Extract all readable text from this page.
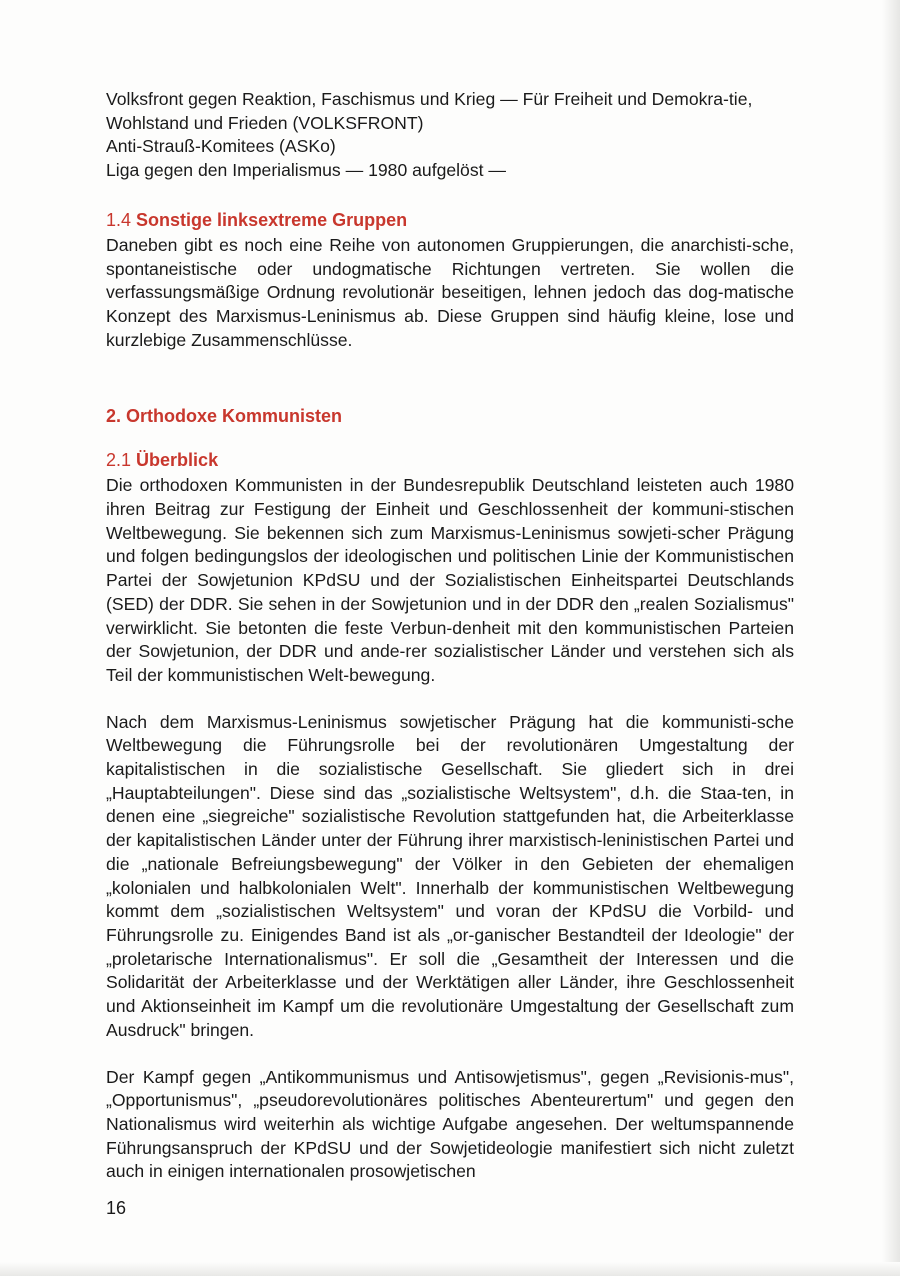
Volksfront gegen Reaktion, Faschismus und Krieg — Für Freiheit und Demokra-tie, Wohlstand und Frieden (VOLKSFRONT)

Anti-Strauß-Komitees (ASKo)

Liga gegen den Imperialismus — 1980 aufgelöst —

1.4 Sonstige linksextreme Gruppen

Daneben gibt es noch eine Reihe von autonomen Gruppierungen, die anarchisti-sche, spontaneistische oder undogmatische Richtungen vertreten. Sie wollen die verfassungsmäßige Ordnung revolutionär beseitigen, lehnen jedoch das dog-matische Konzept des Marxismus-Leninismus ab. Diese Gruppen sind häufig kleine, lose und kurzlebige Zusammenschlüsse.

2. Orthodoxe Kommunisten
2.1 Überblick

Die orthodoxen Kommunisten in der Bundesrepublik Deutschland leisteten auch 1980 ihren Beitrag zur Festigung der Einheit und Geschlossenheit der kommuni-stischen Weltbewegung. Sie bekennen sich zum Marxismus-Leninismus sowjeti-scher Prägung und folgen bedingungslos der ideologischen und politischen Linie der Kommunistischen Partei der Sowjetunion KPdSU und der Sozialistischen Einheitspartei Deutschlands (SED) der DDR. Sie sehen in der Sowjetunion und in der DDR den „realen Sozialismus" verwirklicht. Sie betonten die feste Verbun-denheit mit den kommunistischen Parteien der Sowjetunion, der DDR und ande-rer sozialistischer Länder und verstehen sich als Teil der kommunistischen Welt-bewegung.

Nach dem Marxismus-Leninismus sowjetischer Prägung hat die kommunisti-sche Weltbewegung die Führungsrolle bei der revolutionären Umgestaltung der kapitalistischen in die sozialistische Gesellschaft. Sie gliedert sich in drei „Hauptabteilungen". Diese sind das „sozialistische Weltsystem", d.h. die Staa-ten, in denen eine „siegreiche" sozialistische Revolution stattgefunden hat, die Arbeiterklasse der kapitalistischen Länder unter der Führung ihrer marxistisch-leninistischen Partei und die „nationale Befreiungsbewegung" der Völker in den Gebieten der ehemaligen „kolonialen und halbkolonialen Welt". Innerhalb der kommunistischen Weltbewegung kommt dem „sozialistischen Weltsystem" und voran der KPdSU die Vorbild- und Führungsrolle zu. Einigendes Band ist als „or-ganischer Bestandteil der Ideologie" der „proletarische Internationalismus". Er soll die „Gesamtheit der Interessen und die Solidarität der Arbeiterklasse und der Werktätigen aller Länder, ihre Geschlossenheit und Aktionseinheit im Kampf um die revolutionäre Umgestaltung der Gesellschaft zum Ausdruck" bringen.

Der Kampf gegen „Antikommunismus und Antisowjetismus", gegen „Revisionis-mus", „Opportunismus", „pseudorevolutionäres politisches Abenteurertum" und gegen den Nationalismus wird weiterhin als wichtige Aufgabe angesehen. Der weltumspannende Führungsanspruch der KPdSU und der Sowjetideologie manifestiert sich nicht zuletzt auch in einigen internationalen prosowjetischen

16
